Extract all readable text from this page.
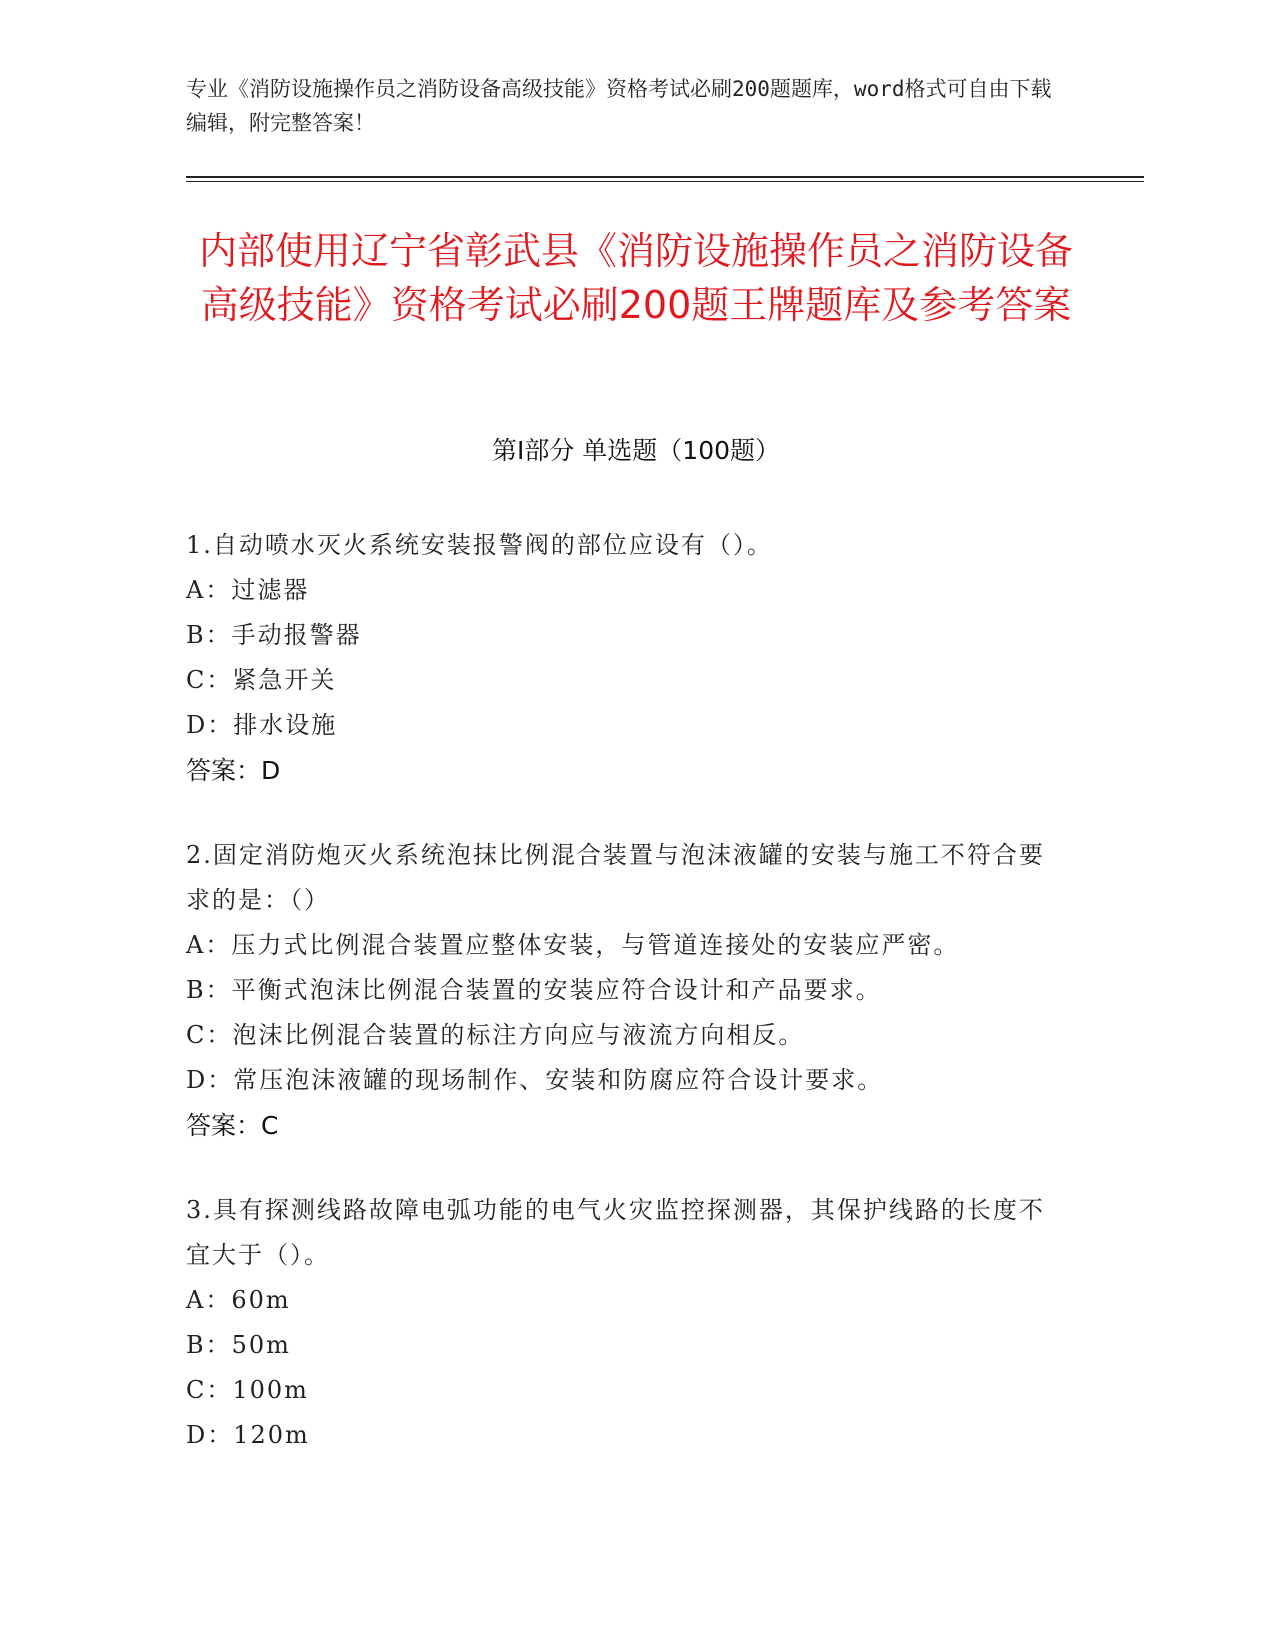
专业《消防设施操作员之消防设备高级技能》资格考试必刷200题题库，word格式可自由下载编辑，附完整答案！
内部使用辽宁省彰武县《消防设施操作员之消防设备高级技能》资格考试必刷200题王牌题库及参考答案
第I部分 单选题（100题）

1.自动喷水灭火系统安装报警阀的部位应设有（）。

A：过滤器

B：手动报警器

C：紧急开关

D：排水设施

答案：D

2.固定消防炮灭火系统泡抹比例混合装置与泡沫液罐的安装与施工不符合要求的是：（）

A：压力式比例混合装置应整体安装，与管道连接处的安装应严密。

B：平衡式泡沫比例混合装置的安装应符合设计和产品要求。

C：泡沫比例混合装置的标注方向应与液流方向相反。

D：常压泡沫液罐的现场制作、安装和防腐应符合设计要求。

答案：C

3.具有探测线路故障电弧功能的电气火灾监控探测器，其保护线路的长度不宜大于（）。

A：60m

B：50m

C：100m

D：120m
